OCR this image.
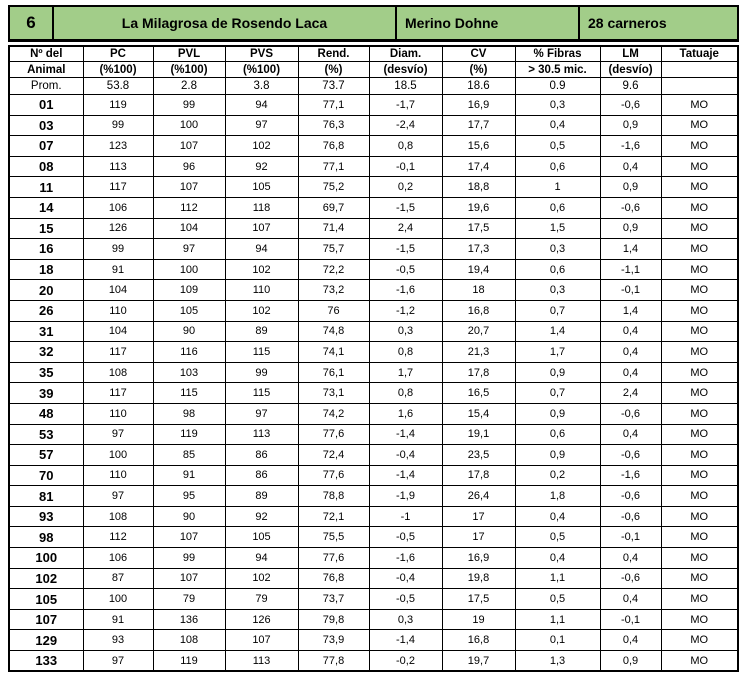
6	La Milagrosa de Rosendo Laca	Merino Dohne	28 carneros
Nº del	PC	PVL	PVS	Rend.	Diam.	CV	% Fibras	LM	Tatuaje
Animal	(%100)	(%100)	(%100)	(%)	(desvío)	(%)	> 30.5 mic.	(desvío)	
Prom.	53.8	2.8	3.8	73.7	18.5	18.6	0.9	9.6	
01	119	99	94	77,1	-1,7	16,9	0,3	-0,6	MO
03	99	100	97	76,3	-2,4	17,7	0,4	0,9	MO
07	123	107	102	76,8	0,8	15,6	0,5	-1,6	MO
08	113	96	92	77,1	-0,1	17,4	0,6	0,4	MO
11	117	107	105	75,2	0,2	18,8	1	0,9	MO
14	106	112	118	69,7	-1,5	19,6	0,6	-0,6	MO
15	126	104	107	71,4	2,4	17,5	1,5	0,9	MO
16	99	97	94	75,7	-1,5	17,3	0,3	1,4	MO
18	91	100	102	72,2	-0,5	19,4	0,6	-1,1	MO
20	104	109	110	73,2	-1,6	18	0,3	-0,1	MO
26	110	105	102	76	-1,2	16,8	0,7	1,4	MO
31	104	90	89	74,8	0,3	20,7	1,4	0,4	MO
32	117	116	115	74,1	0,8	21,3	1,7	0,4	MO
35	108	103	99	76,1	1,7	17,8	0,9	0,4	MO
39	117	115	115	73,1	0,8	16,5	0,7	2,4	MO
48	110	98	97	74,2	1,6	15,4	0,9	-0,6	MO
53	97	119	113	77,6	-1,4	19,1	0,6	0,4	MO
57	100	85	86	72,4	-0,4	23,5	0,9	-0,6	MO
70	110	91	86	77,6	-1,4	17,8	0,2	-1,6	MO
81	97	95	89	78,8	-1,9	26,4	1,8	-0,6	MO
93	108	90	92	72,1	-1	17	0,4	-0,6	MO
98	112	107	105	75,5	-0,5	17	0,5	-0,1	MO
100	106	99	94	77,6	-1,6	16,9	0,4	0,4	MO
102	87	107	102	76,8	-0,4	19,8	1,1	-0,6	MO
105	100	79	79	73,7	-0,5	17,5	0,5	0,4	MO
107	91	136	126	79,8	0,3	19	1,1	-0,1	MO
129	93	108	107	73,9	-1,4	16,8	0,1	0,4	MO
133	97	119	113	77,8	-0,2	19,7	1,3	0,9	MO
